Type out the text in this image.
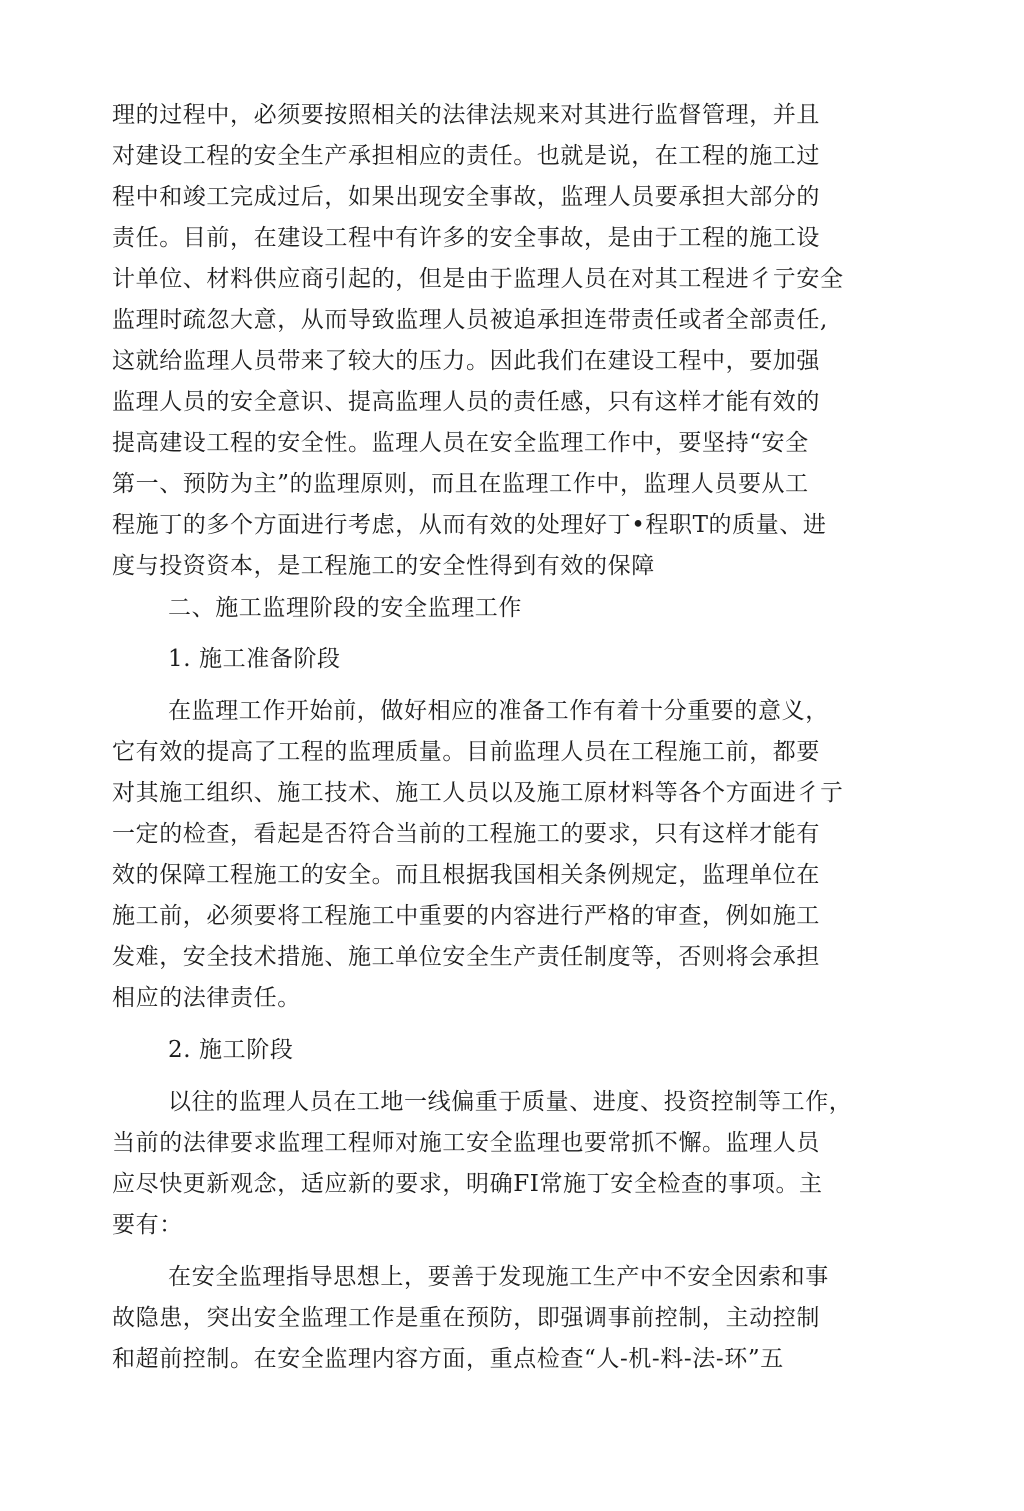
理的过程中，必须要按照相关的法律法规来对其进行监督管理，并且

对建设工程的安全生产承担相应的责任。也就是说，在工程的施工过

程中和竣工完成过后，如果出现安全事故，监理人员要承担大部分的

责任。目前，在建设工程中有许多的安全事故，是由于工程的施工设

计单位、材料供应商引起的，但是由于监理人员在对其工程进彳亍安全

监理时疏忽大意，从而导致监理人员被追承担连带责任或者全部责任,

这就给监理人员带来了较大的压力。因此我们在建设工程中，要加强

监理人员的安全意识、提高监理人员的责任感，只有这样才能有效的

提高建设工程的安全性。监理人员在安全监理工作中，要坚持“安全

第一、预防为主”的监理原则，而且在监理工作中，监理人员要从工

程施丁的多个方面进行考虑，从而有效的处理好丁•程职T的质量、进

度与投资资本，是工程施工的安全性得到有效的保障

二、施工监理阶段的安全监理工作

1. 施工准备阶段

在监理工作开始前，做好相应的准备工作有着十分重要的意义，

它有效的提高了工程的监理质量。目前监理人员在工程施工前，都要

对其施工组织、施工技术、施工人员以及施工原材料等各个方面进彳亍

一定的检查，看起是否符合当前的工程施工的要求，只有这样才能有

效的保障工程施工的安全。而且根据我国相关条例规定，监理单位在

施工前，必须要将工程施工中重要的内容进行严格的审查，例如施工

发难，安全技术措施、施工单位安全生产责任制度等，否则将会承担

相应的法律责任。

2. 施工阶段

以往的监理人员在工地一线偏重于质量、进度、投资控制等工作，

当前的法律要求监理工程师对施工安全监理也要常抓不懈。监理人员

应尽快更新观念，适应新的要求，明确FI常施丁安全检查的事项。主

要有：

在安全监理指导思想上，要善于发现施工生产中不安全因索和事

故隐患，突出安全监理工作是重在预防，即强调事前控制，主动控制

和超前控制。在安全监理内容方面，重点检查“人-机-料-法-环”五
